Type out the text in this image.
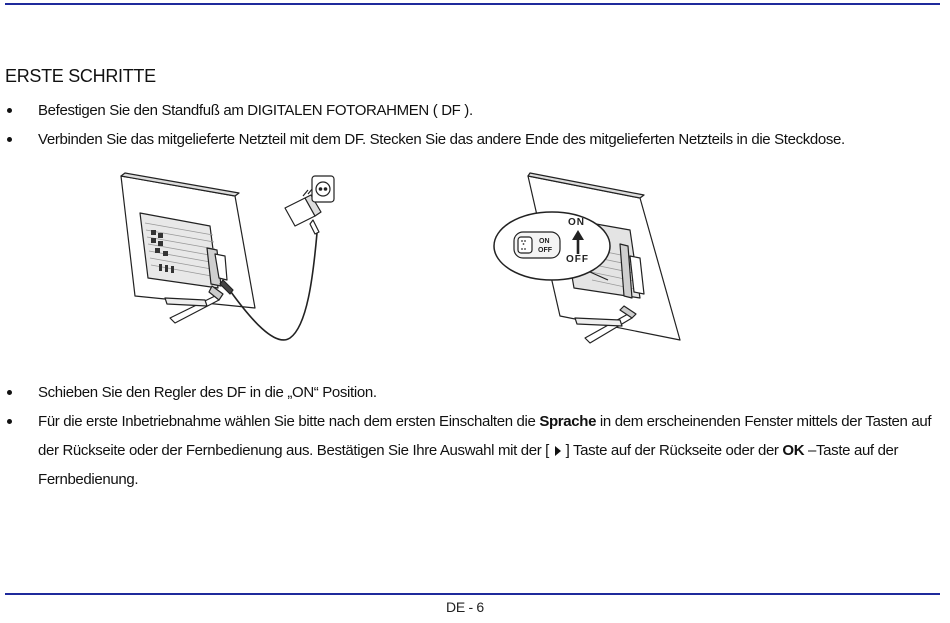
ERSTE SCHRITTE

Befestigen Sie den Standfuß am DIGITALEN FOTORAHMEN ( DF ).

Verbinden Sie das mitgelieferte Netzteil mit dem DF. Stecken Sie das andere Ende des mitgelieferten Netzteils in die Steckdose.

ON
OFF
ON
OFF

Schieben Sie den Regler des DF in die „ON“ Position.

Für die erste Inbetriebnahme wählen Sie bitte nach dem ersten Einschalten die Sprache in dem erscheinenden Fenster mittels der Tasten auf der Rückseite oder der Fernbedienung aus. Bestätigen Sie Ihre Auswahl mit der [  ] Taste auf der Rückseite oder der OK –Taste auf der Fernbedienung.

DE - 6
